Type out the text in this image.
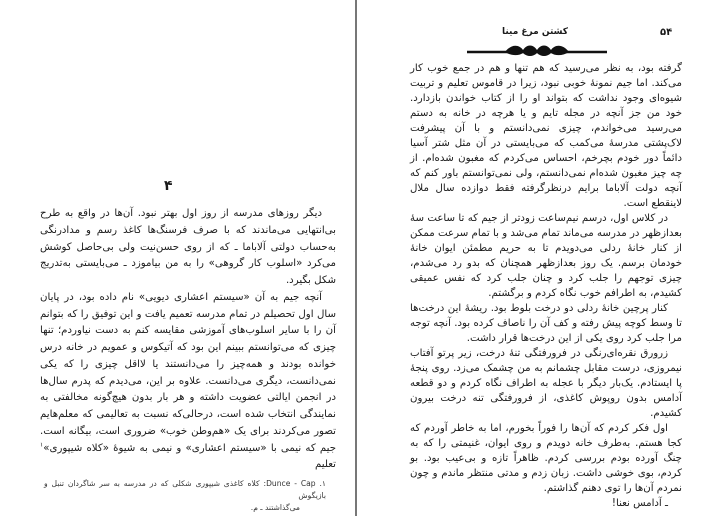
۴

دیگر روزهای مدرسه از روز اول بهتر نبود. آن‌ها در واقع به طرح بی‌انتهایی می‌ماندند که با صرف فرسنگ‌ها کاغذ رسم و مدادرنگی به‌حساب دولتی آلاباما ـ که از روی حسن‌نیت ولی بی‌حاصل کوشش می‌کرد «اسلوب کار گروهی» را به من بیاموزد ـ می‌بایستی به‌تدریج شکل بگیرد.

آنچه جیم به آن «سیستم اعشاری دیویی» نام داده بود، در پایان سال اول تحصیلم در تمام مدرسه تعمیم یافت و این توفیق را که بتوانم آن را با سایر اسلوب‌های آموزشی مقایسه کنم به دست نیاوردم؛ تنها چیزی که می‌توانستم ببینم این بود که آتیکوس و عمویم در خانه درس خوانده بودند و همه‌چیز را می‌دانستند یا لااقل چیزی را که یکی نمی‌دانست، دیگری می‌دانست. علاوه بر این، می‌دیدم که پدرم سال‌ها در انجمن ایالتی عضویت داشته و هر بار بدون هیچ‌گونه مخالفتی به نمایندگی انتخاب شده است، درحالی‌که نسبت به تعالیمی که معلم‌هایم تصور می‌کردند برای یک «هم‌وطن خوب» ضروری است، بیگانه است. جیم که نیمی با «سیستم اعشاری» و نیمی به شیوهٔ «کلاه شیپوری»$^۱$ تعلیم

۱. Dunce - Cap: کلاه کاغذی شیپوری شکلی که در مدرسه به سر شاگردان تنبل و بازیگوش
می‌گذاشتند ـ م.
کشتن مرغ مینا	۵۴

گرفته بود، به نظر می‌رسید که هم تنها و هم در جمع خوب کار می‌کند. اما جیم نمونهٔ خوبی نبود، زیرا در قاموس تعلیم و تربیت شیوه‌ای وجود نداشت که بتواند او را از کتاب خواندن بازدارد. خود من جز آنچه در مجله تایم و یا هرچه در خانه به دستم می‌رسید می‌خواندم، چیزی نمی‌دانستم و با آن پیشرفت لاک‌پشتی مدرسهٔ می‌کمب که می‌بایستی در آن مثل شتر آسیا دائماً دور خودم بچرخم، احساس می‌کردم که مغبون شده‌ام. از چه چیز مغبون شده‌ام نمی‌دانستم، ولی نمی‌توانستم باور کنم که آنچه دولت آلاباما برایم درنظرگرفته فقط دوازده سال ملال لاینقطع است.

در کلاس اول، درسم نیم‌ساعت زودتر از جیم که تا ساعت سهٔ بعدازظهر در مدرسه می‌ماند تمام می‌شد و با تمام سرعت ممکن از کنار خانهٔ ردلی می‌دویدم تا به حریم مطمئن ایوان خانهٔ خودمان برسم. یک روز بعدازظهر همچنان که بدو رد می‌شدم، چیزی توجهم را جلب کرد و چنان جلب کرد که نفس عمیقی کشیدم، به اطرافم خوب نگاه کردم و برگشتم.

کنار پرچین خانهٔ ردلی دو درخت بلوط بود. ریشهٔ این درخت‌ها تا وسط کوچه پیش رفته و کف آن را ناصاف کرده بود. آنچه توجه مرا جلب کرد روی یکی از این درخت‌ها قرار داشت.

زرورق نقره‌ای‌رنگی در فرورفتگی تنهٔ درخت، زیر پرتو آفتاب نیمروزی، درست مقابل چشمانم به من چشمک می‌زد. روی پنجهٔ پا ایستادم. یک‌بار دیگر با عجله به اطراف نگاه کردم و دو قطعه آدامس بدون روپوش کاغذی، از فرورفتگی تنه درخت بیرون کشیدم.

اول فکر کردم که آن‌ها را فوراً بخورم، اما به خاطر آوردم که کجا هستم. به‌طرف خانه دویدم و روی ایوان، غنیمتی را که به چنگ آورده بودم بررسی کردم. ظاهراً تازه و بی‌عیب بود. بو کردم، بوی خوشی داشت. زبان زدم و مدتی منتظر ماندم و چون نمردم آن‌ها را توی دهنم گذاشتم.

ـ آدامس نعنا!
